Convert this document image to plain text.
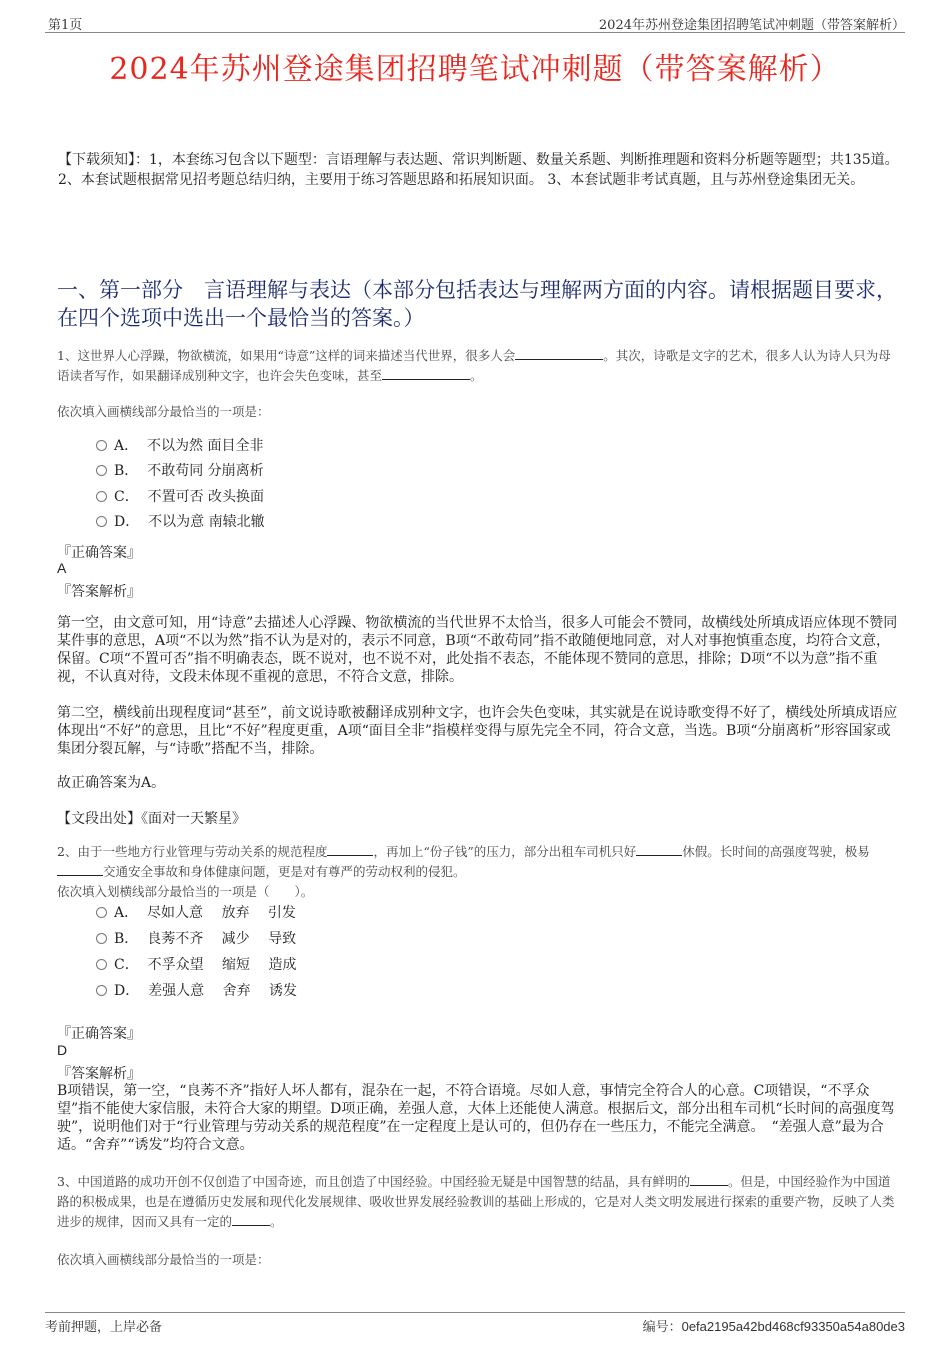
第1页	2024年苏州登途集团招聘笔试冲刺题（带答案解析）
2024年苏州登途集团招聘笔试冲刺题（带答案解析）
【下载须知】：1，本套练习包含以下题型：言语理解与表达题、常识判断题、数量关系题、判断推理题和资料分析题等题型；共135道。 2、本套试题根据常见招考题总结归纳，主要用于练习答题思路和拓展知识面。 3、本套试题非考试真题，且与苏州登途集团无关。
一、第一部分　言语理解与表达（本部分包括表达与理解两方面的内容。请根据题目要求，在四个选项中选出一个最恰当的答案。）
1、这世界人心浮躁，物欲横流，如果用“诗意”这样的词来描述当代世界，很多人会	。其次，诗歌是文字的艺术，很多人认为诗人只为母语读者写作，如果翻译成别种文字，也许会失色变味，甚至	。
依次填入画横线部分最恰当的一项是：
A．  不以为然 面目全非
B．  不敢苟同 分崩离析
C．  不置可否 改头换面
D．  不以为意 南辕北辙
『正确答案』
A
『答案解析』
第一空，由文意可知，用“诗意”去描述人心浮躁、物欲横流的当代世界不太恰当，很多人可能会不赞同，故横线处所填成语应体现不赞同某件事的意思，A项“不以为然”指不认为是对的，表示不同意，B项“不敢苟同”指不敢随便地同意，对人对事抱慎重态度，均符合文意，保留。C项“不置可否”指不明确表态，既不说对，也不说不对，此处指不表态，不能体现不赞同的意思，排除；D项“不以为意”指不重视，不认真对待，文段未体现不重视的意思，不符合文意，排除。
第二空，横线前出现程度词“甚至”，前文说诗歌被翻译成别种文字，也许会失色变味，其实就是在说诗歌变得不好了，横线处所填成语应体现出“不好”的意思，且比“不好”程度更重，A项“面目全非”指模样变得与原先完全不同，符合文意，当选。B项“分崩离析”形容国家或集团分裂瓦解，与“诗歌”搭配不当，排除。
故正确答案为A。
【文段出处】《面对一天繁星》
2、由于一些地方行业管理与劳动关系的规范程度	，再加上“份子钱”的压力，部分出租车司机只好	休假。长时间的高强度驾驶，极易交通安全事故和身体健康问题，更是对有尊严的劳动权利的侵犯。
依次填入划横线部分最恰当的一项是（　　）。
A．  尽如人意　 放弃　 引发
B．  良莠不齐　 减少　 导致
C．  不孚众望　 缩短　 造成
D．  差强人意　 舍弃　 诱发
『正确答案』
D
『答案解析』
B项错误，第一空，“良莠不齐”指好人坏人都有，混杂在一起，不符合语境。尽如人意，事情完全符合人的心意。C项错误，“不孚众望”指不能使大家信服，未符合大家的期望。D项正确，差强人意，大体上还能使人满意。根据后文，部分出租车司机“长时间的高强度驾驶”，说明他们对于“行业管理与劳动关系的规范程度”在一定程度上是认可的，但仍存在一些压力，不能完全满意。　“差强人意”最为合适。“舍弃”“诱发”均符合文意。
3、中国道路的成功开创不仅创造了中国奇迹，而且创造了中国经验。中国经验无疑是中国智慧的结晶，具有鲜明的	。但是，中国经验作为中国道路的积极成果，也是在遵循历史发展和现代化发展规律、吸收世界发展经验教训的基础上形成的，它是对人类文明发展进行探索的重要产物，反映了人类进步的规律，因而又具有一定的	。
依次填入画横线部分最恰当的一项是：
考前押题，上岸必备	编号：0efa2195a42bd468cf93350a54a80de3
